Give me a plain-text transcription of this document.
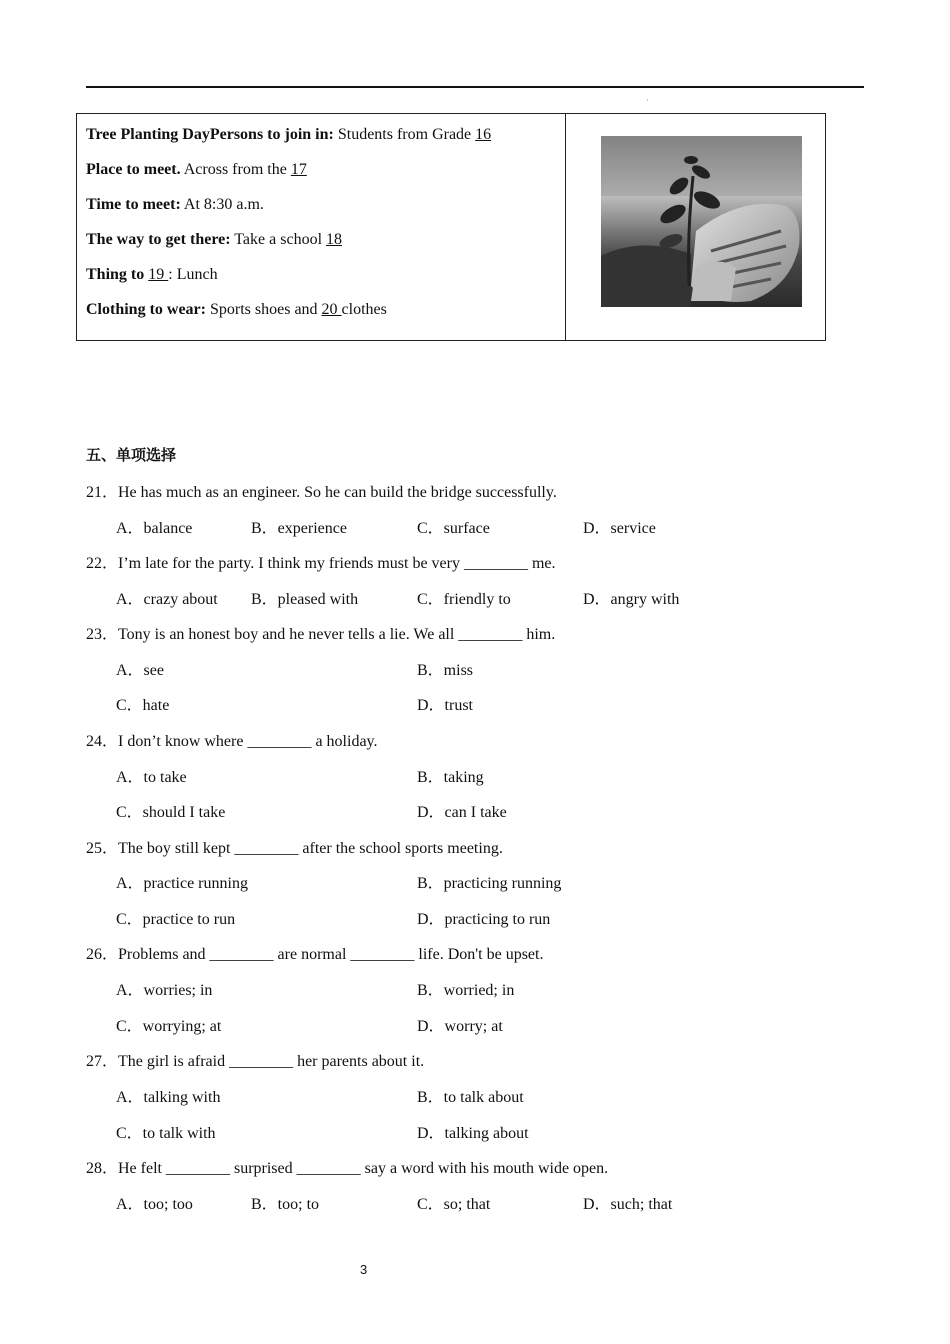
·

Tree Planting DayPersons to join in: Students from Grade 16
Place to meet. Across from the 17
Time to meet: At 8:30 a.m.
The way to get there: Take a school 18
Thing to 19 : Lunch
Clothing to wear: Sports shoes and 20 clothes
五、单项选择
21．He has much as an engineer. So he can build the bridge successfully.
A．balance	B．experience	C．surface	D．service
22．I’m late for the party. I think my friends must be very ________ me.
A．crazy about B．pleased with	C．friendly to	D．angry with
23．Tony is an honest boy and he never tells a lie. We all ________ him.
A．see	B．miss
C．hate	D．trust
24．I don’t know where ________ a holiday.
A．to take	B．taking
C．should I take	D．can I take
25．The boy still kept ________ after the school sports meeting.
A．practice running	B．practicing running
C．practice to run	D．practicing to run
26．Problems and ________ are normal ________ life. Don't be upset.
A．worries; in	B．worried; in
C．worrying; at	D．worry; at
27．The girl is afraid ________ her parents about it.
A．talking with	B．to talk about
C．to talk with	D．talking about
28．He felt ________ surprised ________ say a word with his mouth wide open.
A．too; too	B．too; to	C．so; that	D．such; that
3
